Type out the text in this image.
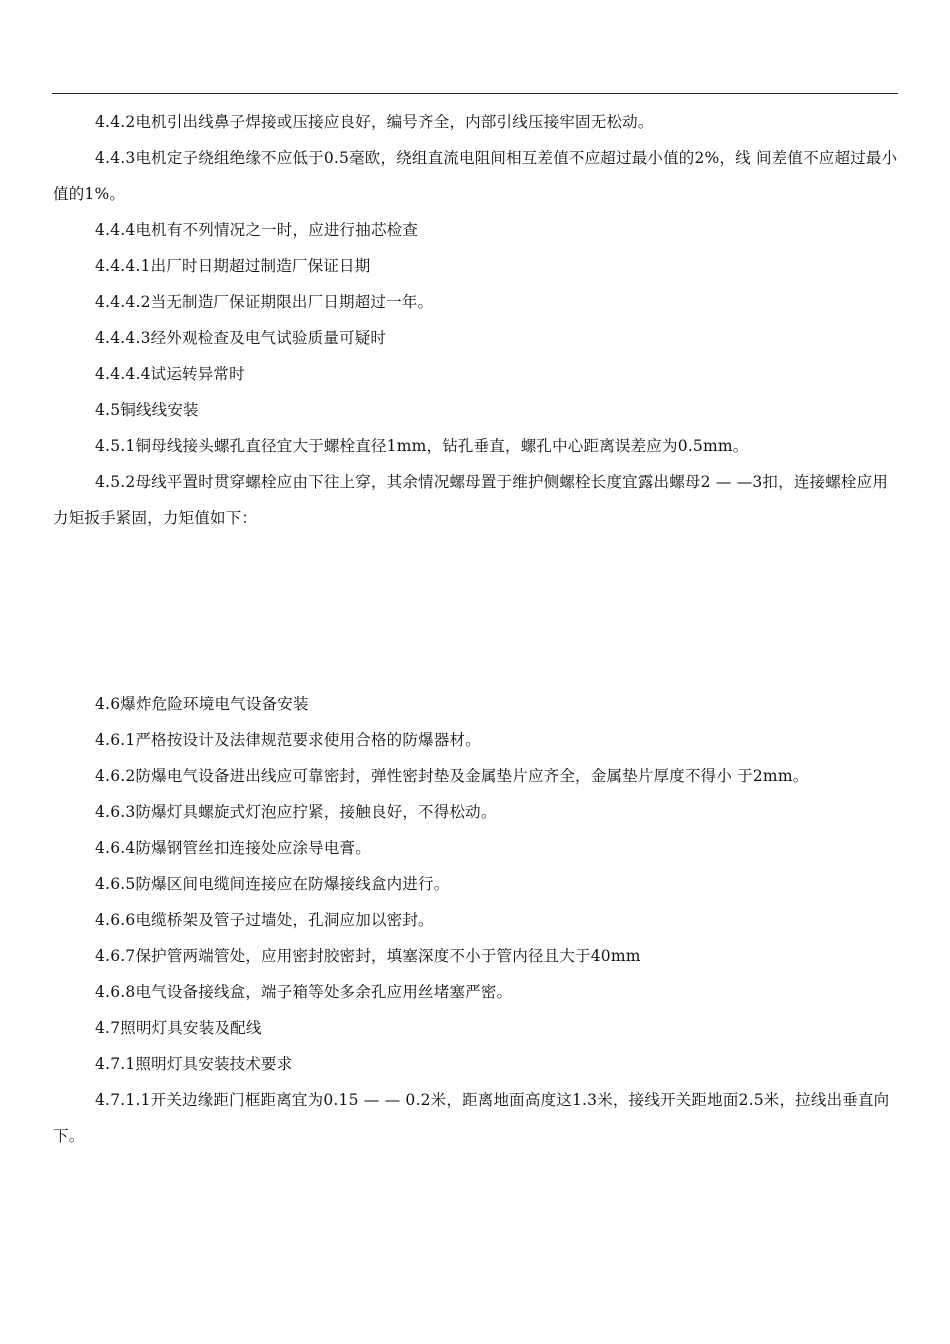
4.4.2电机引出线鼻子焊接或压接应良好，编号齐全，内部引线压接牢固无松动。

4.4.3电机定子绕组绝缘不应低于0.5毫欧，绕组直流电阻间相互差值不应超过最小值的2%，线 间差值不应超过最小值的1%。

4.4.4电机有不列情况之一时，应进行抽芯检查

4.4.4.1出厂时日期超过制造厂保证日期

4.4.4.2当无制造厂保证期限出厂日期超过一年。

4.4.4.3经外观检查及电气试验质量可疑时

4.4.4.4试运转异常时

4.5铜线线安装

4.5.1铜母线接头螺孔直径宜大于螺栓直径1mm，钻孔垂直，螺孔中心距离误差应为0.5mm。

4.5.2母线平置时贯穿螺栓应由下往上穿，其余情况螺母置于维护侧螺栓长度宜露出螺母2 — —3扣，连接螺栓应用力矩扳手紧固，力矩值如下：

4.6爆炸危险环境电气设备安装

4.6.1严格按设计及法律规范要求使用合格的防爆器材。

4.6.2防爆电气设备进出线应可靠密封，弹性密封垫及金属垫片应齐全，金属垫片厚度不得小 于2mm。

4.6.3防爆灯具螺旋式灯泡应拧紧，接触良好，不得松动。

4.6.4防爆钢管丝扣连接处应涂导电膏。

4.6.5防爆区间电缆间连接应在防爆接线盒内进行。

4.6.6电缆桥架及管子过墙处，孔洞应加以密封。

4.6.7保护管两端管处，应用密封胶密封，填塞深度不小于管内径且大于40mm

4.6.8电气设备接线盒，端子箱等处多余孔应用丝堵塞严密。

4.7照明灯具安装及配线

4.7.1照明灯具安装技术要求

4.7.1.1开关边缘距门框距离宜为0.15 — — 0.2米，距离地面高度这1.3米，接线开关距地面2.5米，拉线出垂直向下。
